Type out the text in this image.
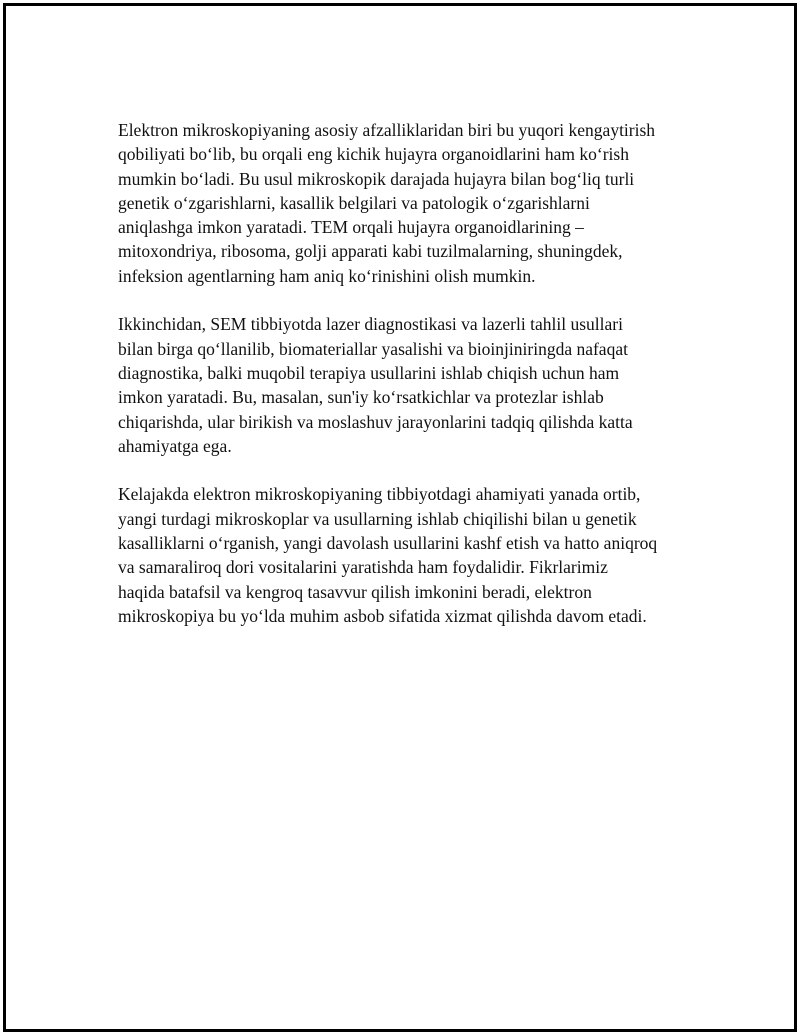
Elektron mikroskopiyaning asosiy afzalliklaridan biri bu yuqori kengaytirish
qobiliyati bo‘lib, bu orqali eng kichik hujayra organoidlarini ham ko‘rish
mumkin bo‘ladi. Bu usul mikroskopik darajada hujayra bilan bog‘liq turli
genetik o‘zgarishlarni, kasallik belgilari va patologik o‘zgarishlarni
aniqlashga imkon yaratadi. TEM orqali hujayra organoidlarining –
mitoxondriya, ribosoma, golji apparati kabi tuzilmalarning, shuningdek,
infeksion agentlarning ham aniq ko‘rinishini olish mumkin.

Ikkinchidan, SEM tibbiyotda lazer diagnostikasi va lazerli tahlil usullari
bilan birga qo‘llanilib, biomateriallar yasalishi va bioinjiniringda nafaqat
diagnostika, balki muqobil terapiya usullarini ishlab chiqish uchun ham
imkon yaratadi. Bu, masalan, sun'iy ko‘rsatkichlar va protezlar ishlab
chiqarishda, ular birikish va moslashuv jarayonlarini tadqiq qilishda katta
ahamiyatga ega.

Kelajakda elektron mikroskopiyaning tibbiyotdagi ahamiyati yanada ortib,
yangi turdagi mikroskoplar va usullarning ishlab chiqilishi bilan u genetik
kasalliklarni o‘rganish, yangi davolash usullarini kashf etish va hatto aniqroq
va samaraliroq dori vositalarini yaratishda ham foydalidir. Fikrlarimiz
haqida batafsil va kengroq tasavvur qilish imkonini beradi, elektron
mikroskopiya bu yo‘lda muhim asbob sifatida xizmat qilishda davom etadi.
